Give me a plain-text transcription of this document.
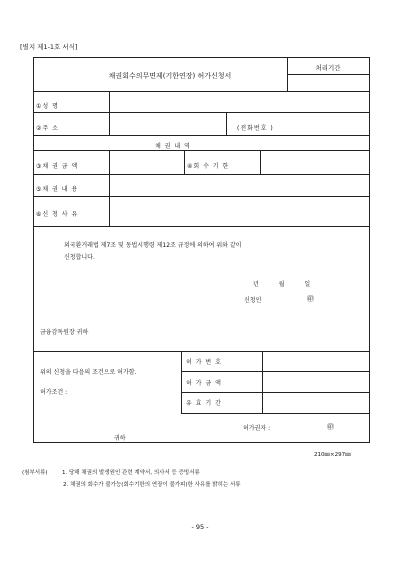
[별지 제1-1호 서식]
채권회수의무면제(기한연장) 허가신청서
처리기간
①성 명
②주 소	(전화번호 )
채 권 내 역
③채 권 금 액	④회 수 기 한
⑤채 권 내 용
⑥신 청 사 유
외국환거래법 제7조 및 동법시행령 제12조 규정에 의하여 위와 같이
신청합니다.
년 월 일
신청인	㊞
금융감독원장 귀하
위의 신청을 다음의 조건으로 허가함.
허가조건 :
허 가 번 호
허 가 금 액
유 효 기 간
허가권자 :	㊞
귀하
210㎜×297㎜
(첨부서류)	1. 당해 채권의 발생원인 관련 계약서, 의사서 등 증빙서류
2. 채권의 회수가 불가능(회수기한의 연장이 불가피)한 사유를 밝히는 서류
- 95 -
